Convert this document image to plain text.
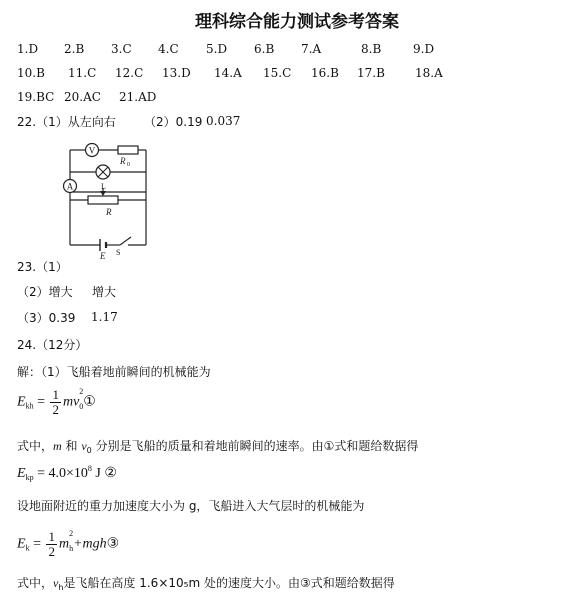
理科综合能力测试参考答案
1.D 2.B 3.C 4.C 5.D 6.B 7.A	8.B	9.D
10.B 11.C 12.C 13.D 14.A 15.C 16.B 17.B	18.A
19.BC 20.AC 21.AD
22.（1）从左向右 （2）0.19 0.037
V
A
R 0
L
R
E S
23.（1）
（2）增大 增大
（3）0.39 1.17
24.（12分）
解：（1）飞船着地前瞬间的机械能为
$E_{kh} = \frac{1}{2}$ mv
2
$_0$①
式中，m 和 $v_0$ 分别是飞船的质量和着地前瞬间的速率。由①式和题给数据得
$E_{kp} = 4.0\times 10^8$ J ②
设地面附近的重力加速度大小为 g，飞船进入大气层时的机械能为
$E_k = \frac{1}{2}$ m
2
$_h$+mgh③
式中，$v_h$是飞船在高度 1.6×10₅m 处的速度大小。由③式和题给数据得
